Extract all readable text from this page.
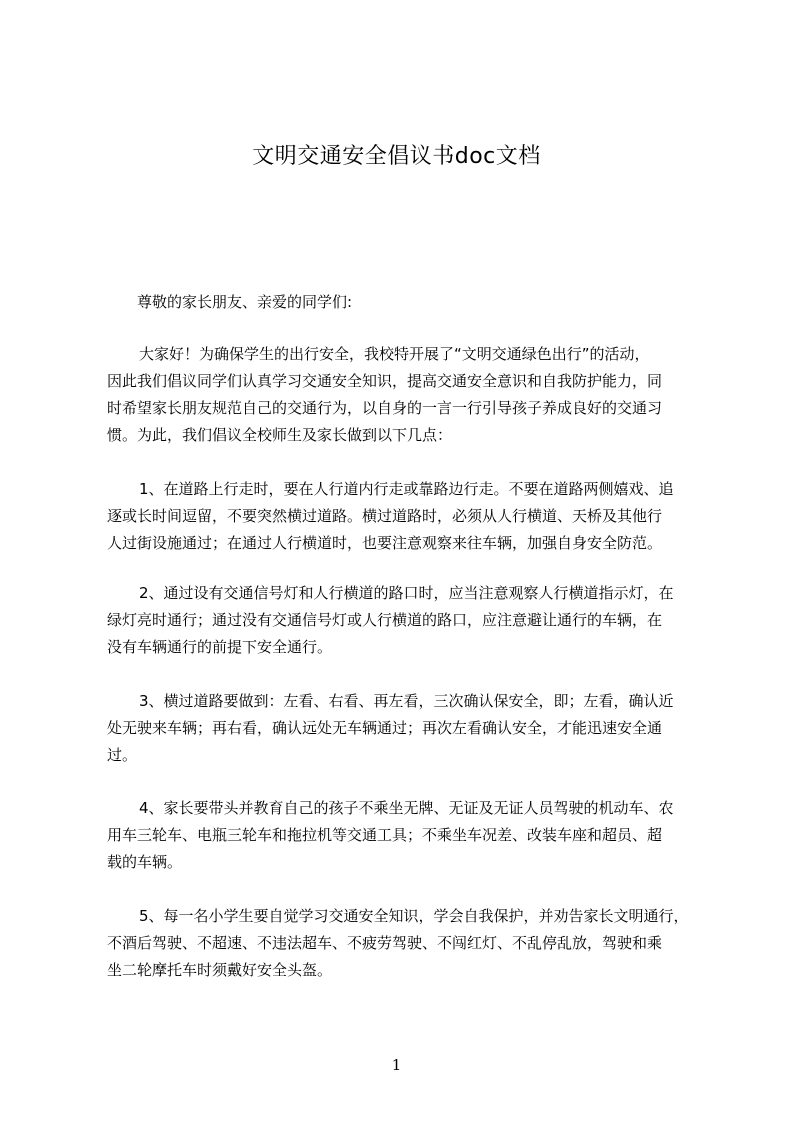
文明交通安全倡议书doc文档
尊敬的家长朋友、亲爱的同学们:
大家好！为确保学生的出行安全，我校特开展了“文明交通绿色出行”的活动，
因此我们倡议同学们认真学习交通安全知识，提高交通安全意识和自我防护能力，同
时希望家长朋友规范自己的交通行为，以自身的一言一行引导孩子养成良好的交通习
惯。为此，我们倡议全校师生及家长做到以下几点：
1、在道路上行走时，要在人行道内行走或靠路边行走。不要在道路两侧嬉戏、追
逐或长时间逗留，不要突然横过道路。横过道路时，必须从人行横道、天桥及其他行
人过街设施通过；在通过人行横道时，也要注意观察来往车辆，加强自身安全防范。
2、通过设有交通信号灯和人行横道的路口时，应当注意观察人行横道指示灯，在
绿灯亮时通行；通过没有交通信号灯或人行横道的路口，应注意避让通行的车辆，在
没有车辆通行的前提下安全通行。
3、横过道路要做到：左看、右看、再左看，三次确认保安全，即；左看，确认近
处无驶来车辆；再右看，确认远处无车辆通过；再次左看确认安全，才能迅速安全通
过。
4、家长要带头并教育自己的孩子不乘坐无牌、无证及无证人员驾驶的机动车、农
用车三轮车、电瓶三轮车和拖拉机等交通工具；不乘坐车况差、改装车座和超员、超
载的车辆。
5、每一名小学生要自觉学习交通安全知识，学会自我保护，并劝告家长文明通行，
不酒后驾驶、不超速、不违法超车、不疲劳驾驶、不闯红灯、不乱停乱放，驾驶和乘
坐二轮摩托车时须戴好安全头盔。
1
